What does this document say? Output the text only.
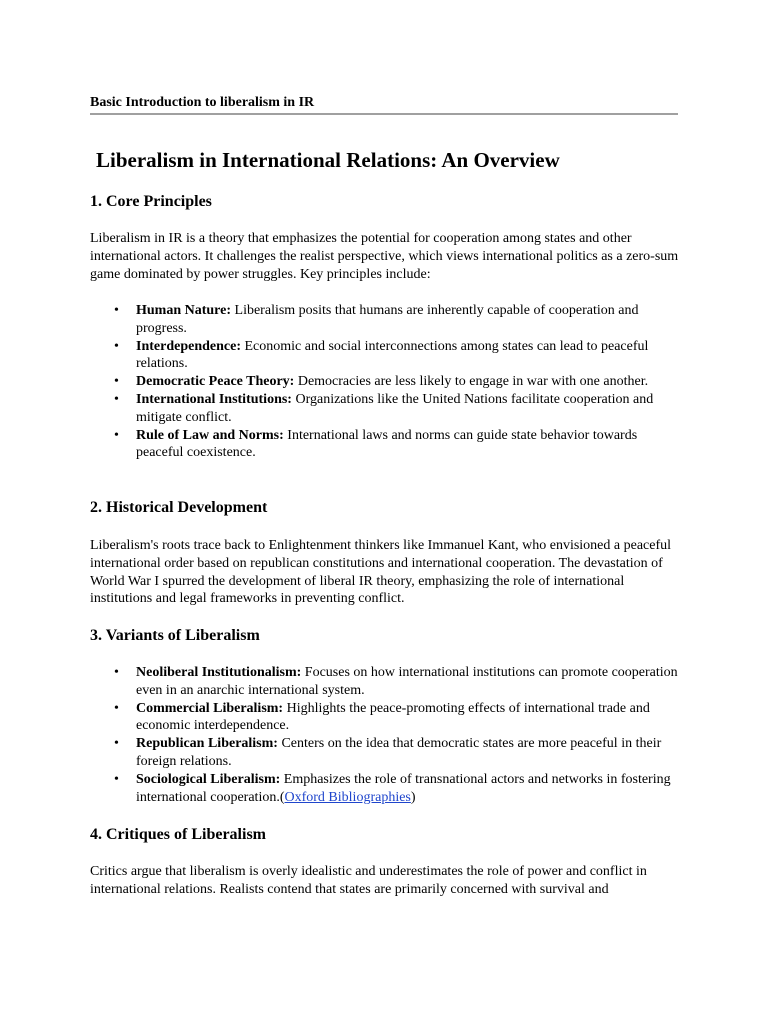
Basic Introduction to liberalism in IR
Liberalism in International Relations: An Overview
1. Core Principles
Liberalism in IR is a theory that emphasizes the potential for cooperation among states and other international actors. It challenges the realist perspective, which views international politics as a zero-sum game dominated by power struggles. Key principles include:
• Human Nature: Liberalism posits that humans are inherently capable of cooperation and progress.
• Interdependence: Economic and social interconnections among states can lead to peaceful relations.
• Democratic Peace Theory: Democracies are less likely to engage in war with one another.
• International Institutions: Organizations like the United Nations facilitate cooperation and mitigate conflict.
• Rule of Law and Norms: International laws and norms can guide state behavior towards peaceful coexistence.
2. Historical Development
Liberalism's roots trace back to Enlightenment thinkers like Immanuel Kant, who envisioned a peaceful international order based on republican constitutions and international cooperation. The devastation of World War I spurred the development of liberal IR theory, emphasizing the role of international institutions and legal frameworks in preventing conflict.
3. Variants of Liberalism
• Neoliberal Institutionalism: Focuses on how international institutions can promote cooperation even in an anarchic international system.
• Commercial Liberalism: Highlights the peace-promoting effects of international trade and economic interdependence.
• Republican Liberalism: Centers on the idea that democratic states are more peaceful in their foreign relations.
• Sociological Liberalism: Emphasizes the role of transnational actors and networks in fostering international cooperation.(Oxford Bibliographies)
4. Critiques of Liberalism
Critics argue that liberalism is overly idealistic and underestimates the role of power and conflict in international relations. Realists contend that states are primarily concerned with survival and
